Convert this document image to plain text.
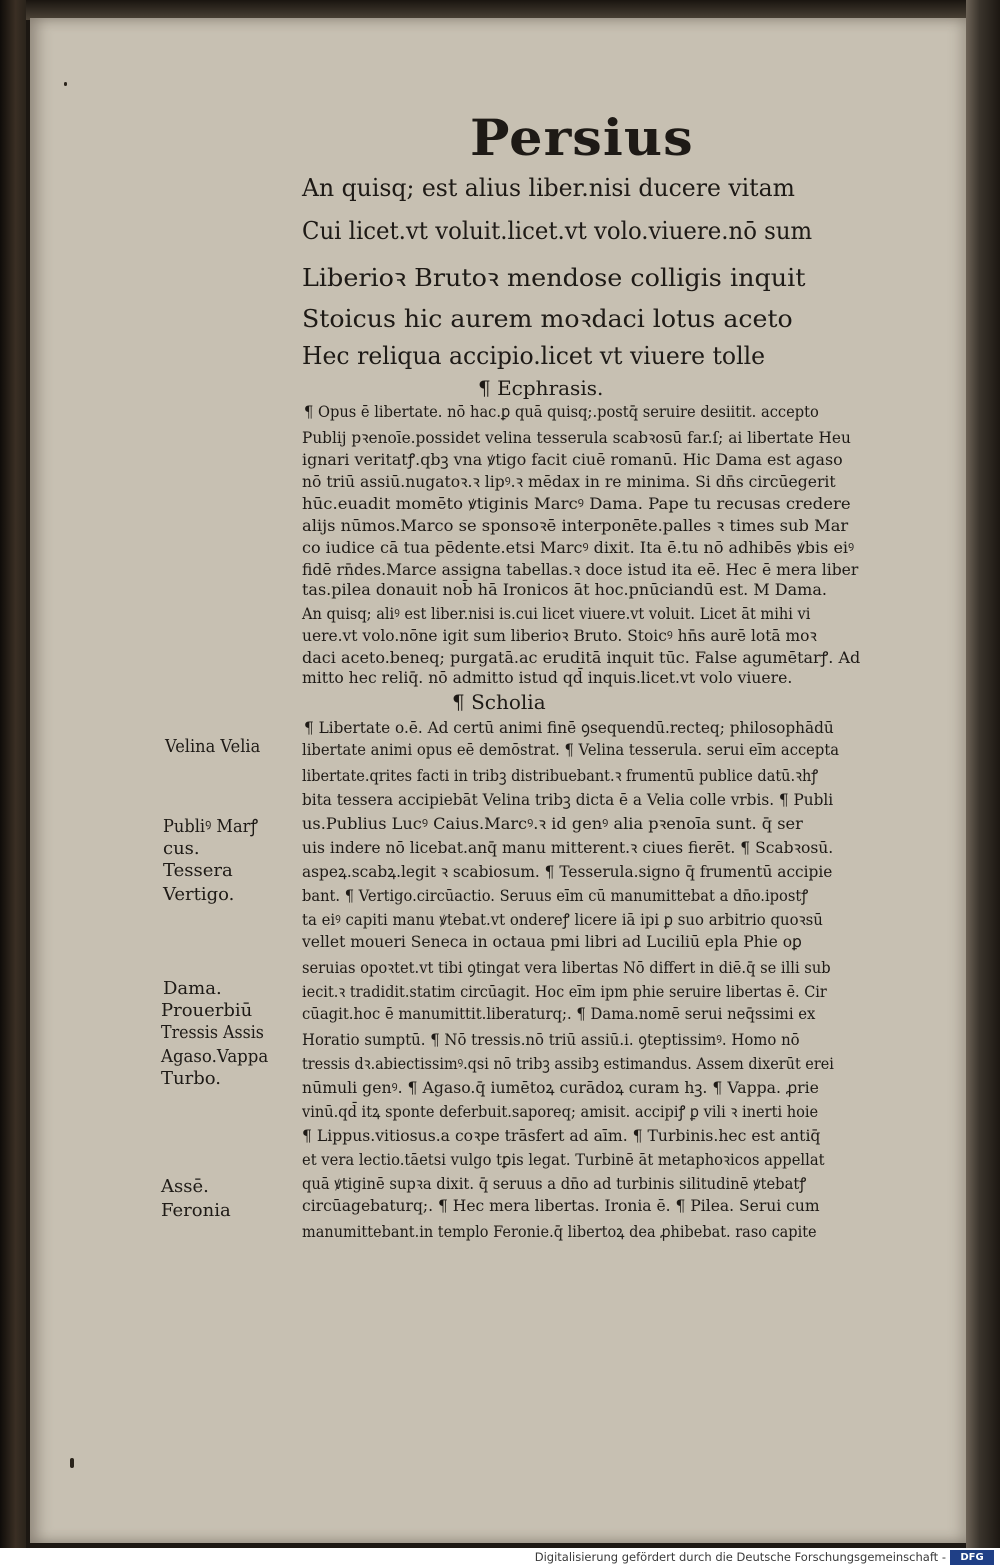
Persius
An quisq; est alius liber.nisi ducere vitam
Cui licet.vt voluit.licet.vt volo.viuere.nō sum
Liberioꝛ Brutoꝛ mendose colligis inquit
Stoicus hic aurem moꝛdaci lotus aceto
Hec reliqua accipio.licet vt viuere tolle
¶ Ecphrasis.
¶ Opus ē libertate. nō hac.ꝑ quā quisq;.postq̄ seruire desiitit. accepto
Publij pꝛenoīe.possidet velina tesserula scabꝛosū far.ſ; ai libertate Heu
ignari veritatꝭ.qbꝫ vna ꝟtigo facit ciuē romanū. Hic Dama est agaso
nō triū assiū.nugatoꝛ.ꝛ lipꝰ.ꝛ mēdax in re minima. Si dn̄s circūegerit
hūc.euadit momēto ꝟtiginis Marcꝰ Dama. Pape tu recusas credere
alijs nūmos.Marco se sponsoꝛē interponēte.palles ꝛ times sub Mar
co iudice cā tua pēdente.etsi Marcꝰ dixit. Ita ē.tu nō adhibēs ꝟbis eiꝰ
fidē rn̄des.Marce assigna tabellas.ꝛ doce istud ita eē. Hec ē mera liber
tas.pilea donauit nob̄ hā Ironicos āt hoc.pnūciandū est. M Dama.
An quisq; aliꝰ est liber.nisi is.cui licet viuere.vt voluit. Licet āt mihi vi
uere.vt volo.nōne igit sum liberioꝛ Bruto. Stoicꝰ hn̄s aurē lotā moꝛ
daci aceto.beneq; purgatā.ac eruditā inquit tūc. False agumētarꝭ. Ad
mitto hec reliq̄. nō admitto istud qd̄ inquis.licet.vt volo viuere.
¶ Scholia
¶ Libertate o.ē. Ad certū animi finē ꝯsequendū.recteq; philosophādū
libertate animi opus eē demōstrat. ¶ Velina tesserula. serui eīm accepta
libertate.qrites facti in tribꝫ distribuebant.ꝛ frumentū publice datū.ꝛhꝭ
bita tessera accipiebāt Velina tribꝫ dicta ē a Velia colle vrbis. ¶ Publi
us.Publius Lucꝰ Caius.Marcꝰ.ꝛ id genꝰ alia pꝛenoīa sunt. q̄ ser
uis indere nō licebat.anq̄ manu mitterent.ꝛ ciues fierēt. ¶ Scabꝛosū.
aspeꝝ.scabꝝ.legit ꝛ scabiosum. ¶ Tesserula.signo q̄ frumentū accipie
bant. ¶ Vertigo.circūactio. Seruus eīm cū manumittebat a dn̄o.ipostꝭ
ta eiꝰ capiti manu ꝟtebat.vt ondereꝭ licere iā ipi ꝑ suo arbitrio quoꝛsū
vellet moueri Seneca in octaua pmi libri ad Luciliū epla Phie oꝑ
seruias opoꝛtet.vt tibi ꝯtingat vera libertas Nō differt in diē.q̄ se illi sub
iecit.ꝛ tradidit.statim circūagit. Hoc eīm ipm phie seruire libertas ē. Cir
cūagit.hoc ē manumittit.liberaturq;. ¶ Dama.nomē serui neq̄ssimi ex
Horatio sumptū. ¶ Nō tressis.nō triū assiū.i. ꝯteptissimꝰ. Homo nō
tressis dꝛ.abiectissimꝰ.qsi nō tribꝫ assibꝫ estimandus. Assem dixerūt erei
nūmuli genꝰ. ¶ Agaso.q̄ iumētoꝝ curādoꝝ curam hꝫ. ¶ Vappa. ꝓrie
vinū.qd̄ itꝝ sponte deferbuit.saporeq; amisit. accipiꝭ ꝑ vili ꝛ inerti hoie
¶ Lippus.vitiosus.a coꝛpe trāsfert ad aīm. ¶ Turbinis.hec est antiq̄
et vera lectio.tāetsi vulgo tꝑis legat. Turbinē āt metaphoꝛicos appellat
quā ꝟtiginē supꝛa dixit. q̄ seruus a dn̄o ad turbinis silitudinē ꝟtebatꝭ
circūagebaturq;. ¶ Hec mera libertas. Ironia ē. ¶ Pilea. Serui cum
manumittebant.in templo Feronie.q̄ libertoꝝ dea ꝓhibebat. raso capite
Velina Velia
Publiꝰ Marꝭ
cus.
Tessera
Vertigo.
Dama.
Prouerbiū
Tressis Assis
Agaso.Vappa
Turbo.
Assē.
Feronia
Digitalisierung gefördert durch die Deutsche Forschungsgemeinschaft -	DFG
